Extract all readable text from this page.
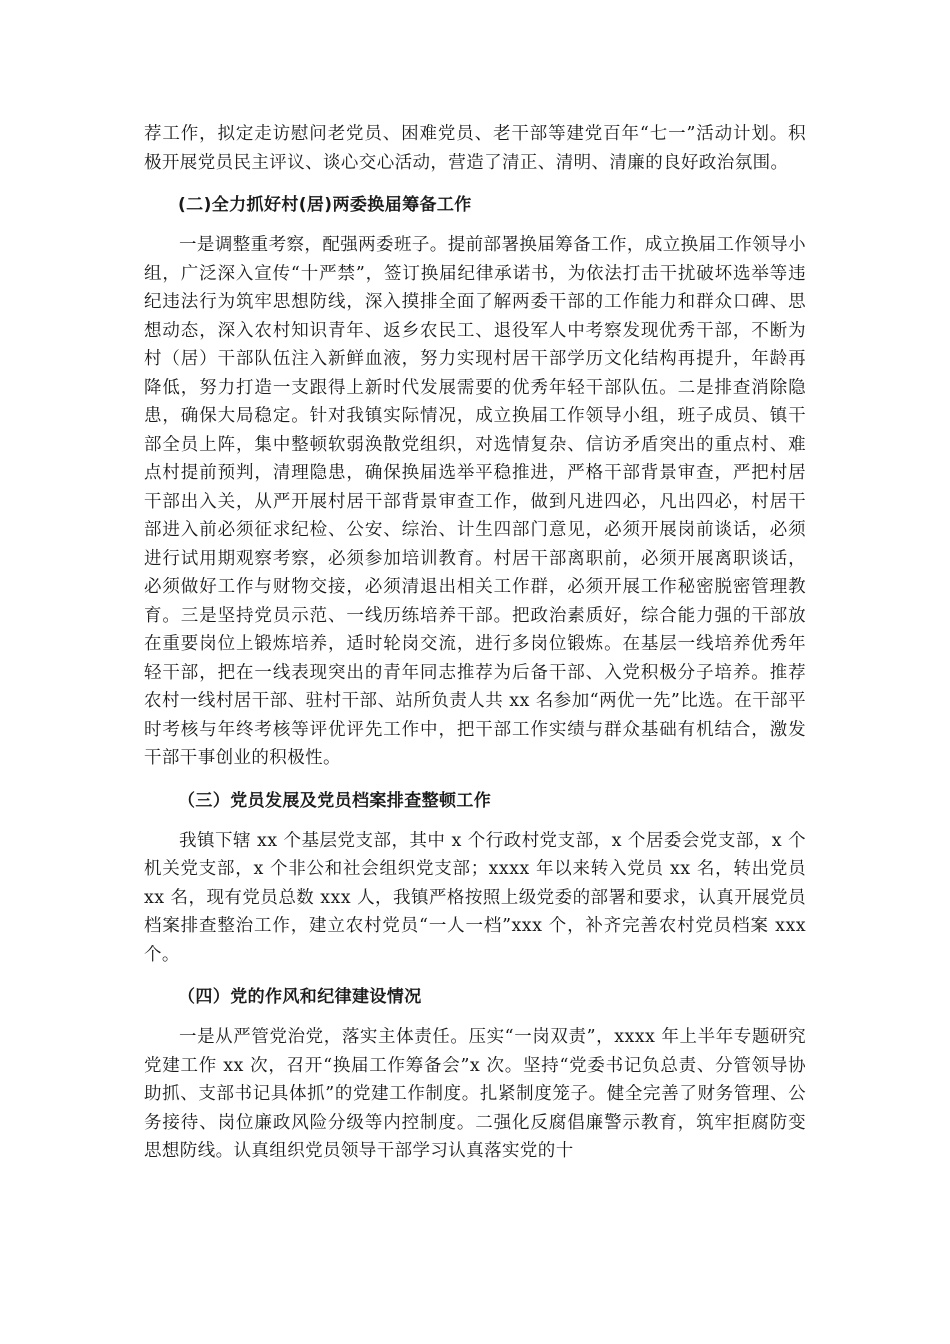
荐工作，拟定走访慰问老党员、困难党员、老干部等建党百年“七一”活动计划。积极开展党员民主评议、谈心交心活动，营造了清正、清明、清廉的良好政治氛围。

(二)全力抓好村(居)两委换届筹备工作

一是调整重考察，配强两委班子。提前部署换届筹备工作，成立换届工作领导小组，广泛深入宣传“十严禁”，签订换届纪律承诺书，为依法打击干扰破坏选举等违纪违法行为筑牢思想防线，深入摸排全面了解两委干部的工作能力和群众口碑、思想动态，深入农村知识青年、返乡农民工、退役军人中考察发现优秀干部，不断为村（居）干部队伍注入新鲜血液，努力实现村居干部学历文化结构再提升，年龄再降低，努力打造一支跟得上新时代发展需要的优秀年轻干部队伍。二是排查消除隐患，确保大局稳定。针对我镇实际情况，成立换届工作领导小组，班子成员、镇干部全员上阵，集中整顿软弱涣散党组织，对选情复杂、信访矛盾突出的重点村、难点村提前预判，清理隐患，确保换届选举平稳推进，严格干部背景审查，严把村居干部出入关，从严开展村居干部背景审查工作，做到凡进四必，凡出四必，村居干部进入前必须征求纪检、公安、综治、计生四部门意见，必须开展岗前谈话，必须进行试用期观察考察，必须参加培训教育。村居干部离职前，必须开展离职谈话，必须做好工作与财物交接，必须清退出相关工作群，必须开展工作秘密脱密管理教育。三是坚持党员示范、一线历练培养干部。把政治素质好，综合能力强的干部放在重要岗位上锻炼培养，适时轮岗交流，进行多岗位锻炼。在基层一线培养优秀年轻干部，把在一线表现突出的青年同志推荐为后备干部、入党积极分子培养。推荐农村一线村居干部、驻村干部、站所负责人共 xx 名参加“两优一先”比选。在干部平时考核与年终考核等评优评先工作中，把干部工作实绩与群众基础有机结合，激发干部干事创业的积极性。

（三）党员发展及党员档案排查整顿工作

我镇下辖 xx 个基层党支部，其中 x 个行政村党支部，x 个居委会党支部，x 个机关党支部，x 个非公和社会组织党支部；xxxx 年以来转入党员 xx 名，转出党员 xx 名，现有党员总数 xxx 人，我镇严格按照上级党委的部署和要求，认真开展党员档案排查整治工作，建立农村党员“一人一档”xxx 个，补齐完善农村党员档案 xxx 个。

（四）党的作风和纪律建设情况

一是从严管党治党，落实主体责任。压实“一岗双责”，xxxx 年上半年专题研究党建工作 xx 次，召开“换届工作筹备会”x 次。坚持“党委书记负总责、分管领导协助抓、支部书记具体抓”的党建工作制度。扎紧制度笼子。健全完善了财务管理、公务接待、岗位廉政风险分级等内控制度。二强化反腐倡廉警示教育，筑牢拒腐防变思想防线。认真组织党员领导干部学习认真落实党的十
